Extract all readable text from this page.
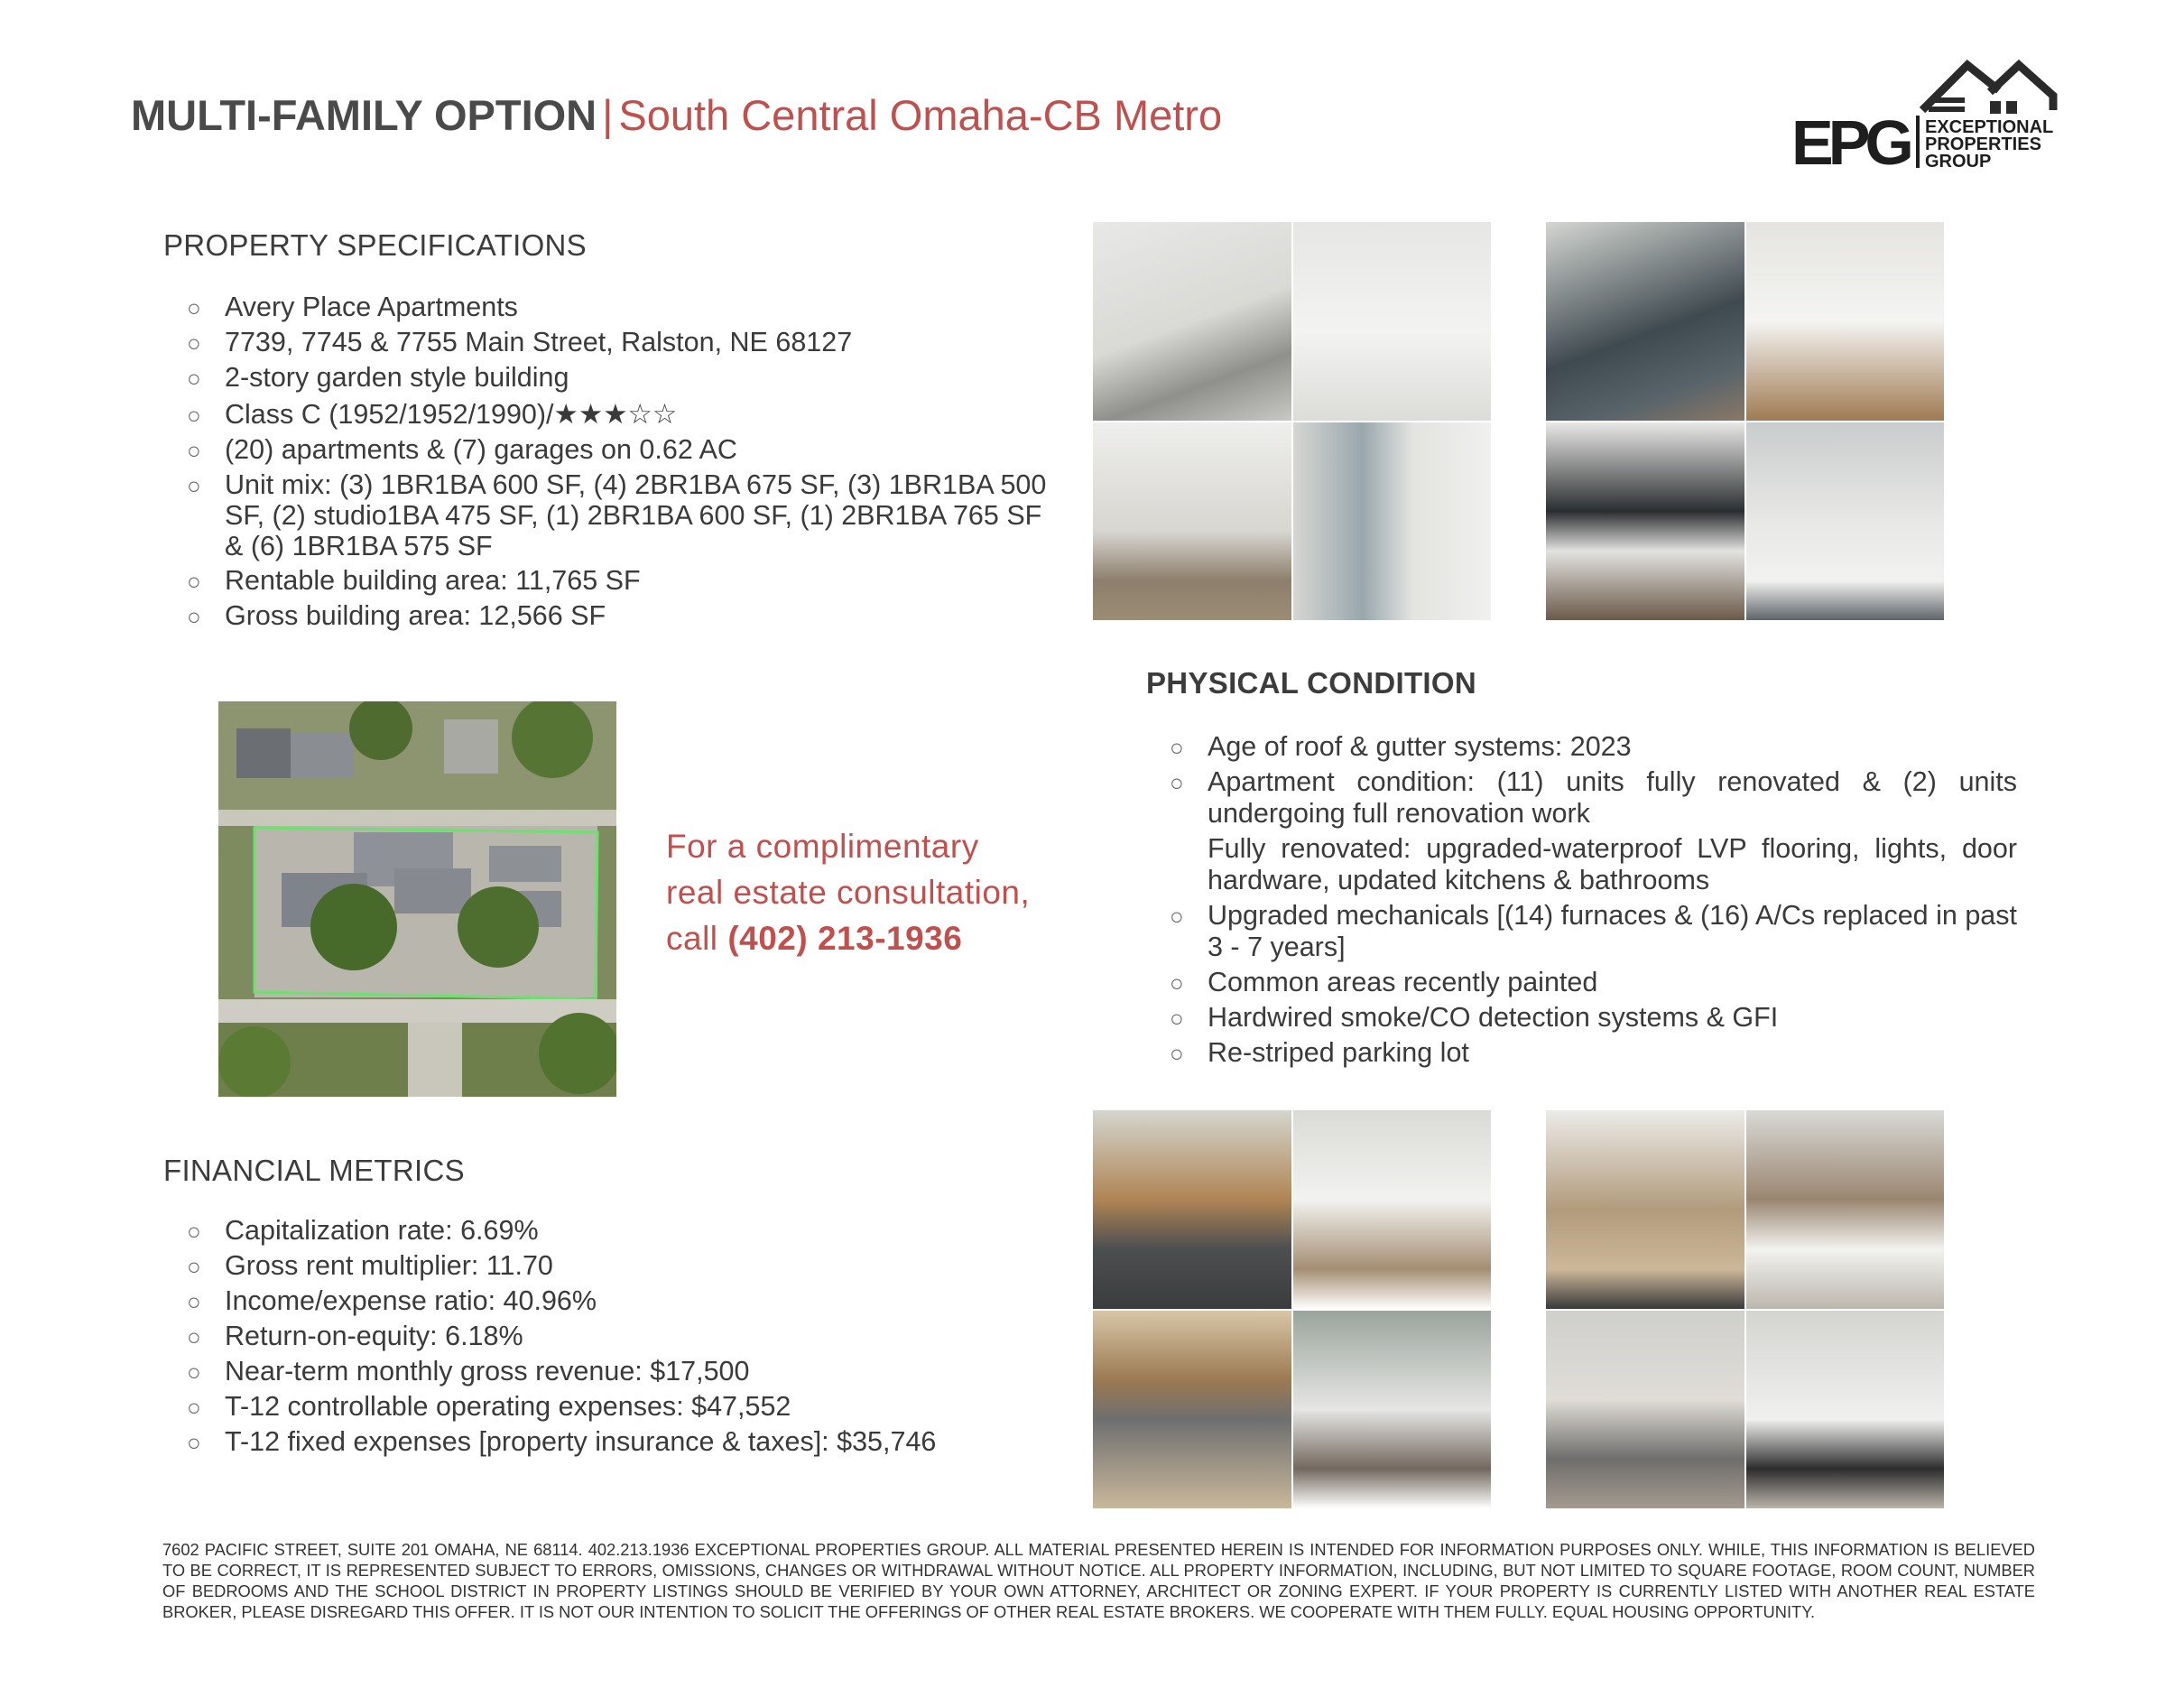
MULTI-FAMILY OPTION | South Central Omaha-CB Metro	EPG EXCEPTIONAL
PROPERTIES
GROUP
PROPERTY SPECIFICATIONS
○ Avery Place Apartments
○ 7739, 7745 & 7755 Main Street, Ralston, NE 68127
○ 2-story garden style building
○ Class C (1952/1952/1990)/★★★☆☆
○ (20) apartments & (7) garages on 0.62 AC
○ Unit mix: (3) 1BR1BA 600 SF, (4) 2BR1BA 675 SF, (3) 1BR1BA 500 SF, (2) studio1BA 475 SF, (1) 2BR1BA 600 SF, (1) 2BR1BA 765 SF & (6) 1BR1BA 575 SF
○ Rentable building area: 11,765 SF
○ Gross building area: 12,566 SF
For a complimentary
real estate consultation,
call (402) 213-1936
PHYSICAL CONDITION
○ Age of roof & gutter systems: 2023
○ Apartment condition: (11) units fully renovated & (2) units undergoing full renovation work
Fully renovated: upgraded-waterproof LVP flooring, lights, door hardware, updated kitchens & bathrooms
○ Upgraded mechanicals [(14) furnaces & (16) A/Cs replaced in past 3 - 7 years]
○ Common areas recently painted
○ Hardwired smoke/CO detection systems & GFI
○ Re-striped parking lot
FINANCIAL METRICS
○ Capitalization rate: 6.69%
○ Gross rent multiplier: 11.70
○ Income/expense ratio: 40.96%
○ Return-on-equity: 6.18%
○ Near-term monthly gross revenue: $17,500
○ T-12 controllable operating expenses: $47,552
○ T-12 fixed expenses [property insurance & taxes]: $35,746
7602 PACIFIC STREET, SUITE 201 OMAHA, NE 68114. 402.213.1936 EXCEPTIONAL PROPERTIES GROUP. ALL MATERIAL PRESENTED HEREIN IS INTENDED FOR INFORMATION PURPOSES ONLY. WHILE, THIS INFORMATION IS BELIEVED TO BE CORRECT, IT IS REPRESENTED SUBJECT TO ERRORS, OMISSIONS, CHANGES OR WITHDRAWAL WITHOUT NOTICE. ALL PROPERTY INFORMATION, INCLUDING, BUT NOT LIMITED TO SQUARE FOOTAGE, ROOM COUNT, NUMBER OF BEDROOMS AND THE SCHOOL DISTRICT IN PROPERTY LISTINGS SHOULD BE VERIFIED BY YOUR OWN ATTORNEY, ARCHITECT OR ZONING EXPERT. IF YOUR PROPERTY IS CURRENTLY LISTED WITH ANOTHER REAL ESTATE BROKER, PLEASE DISREGARD THIS OFFER. IT IS NOT OUR INTENTION TO SOLICIT THE OFFERINGS OF OTHER REAL ESTATE BROKERS. WE COOPERATE WITH THEM FULLY. EQUAL HOUSING OPPORTUNITY.
